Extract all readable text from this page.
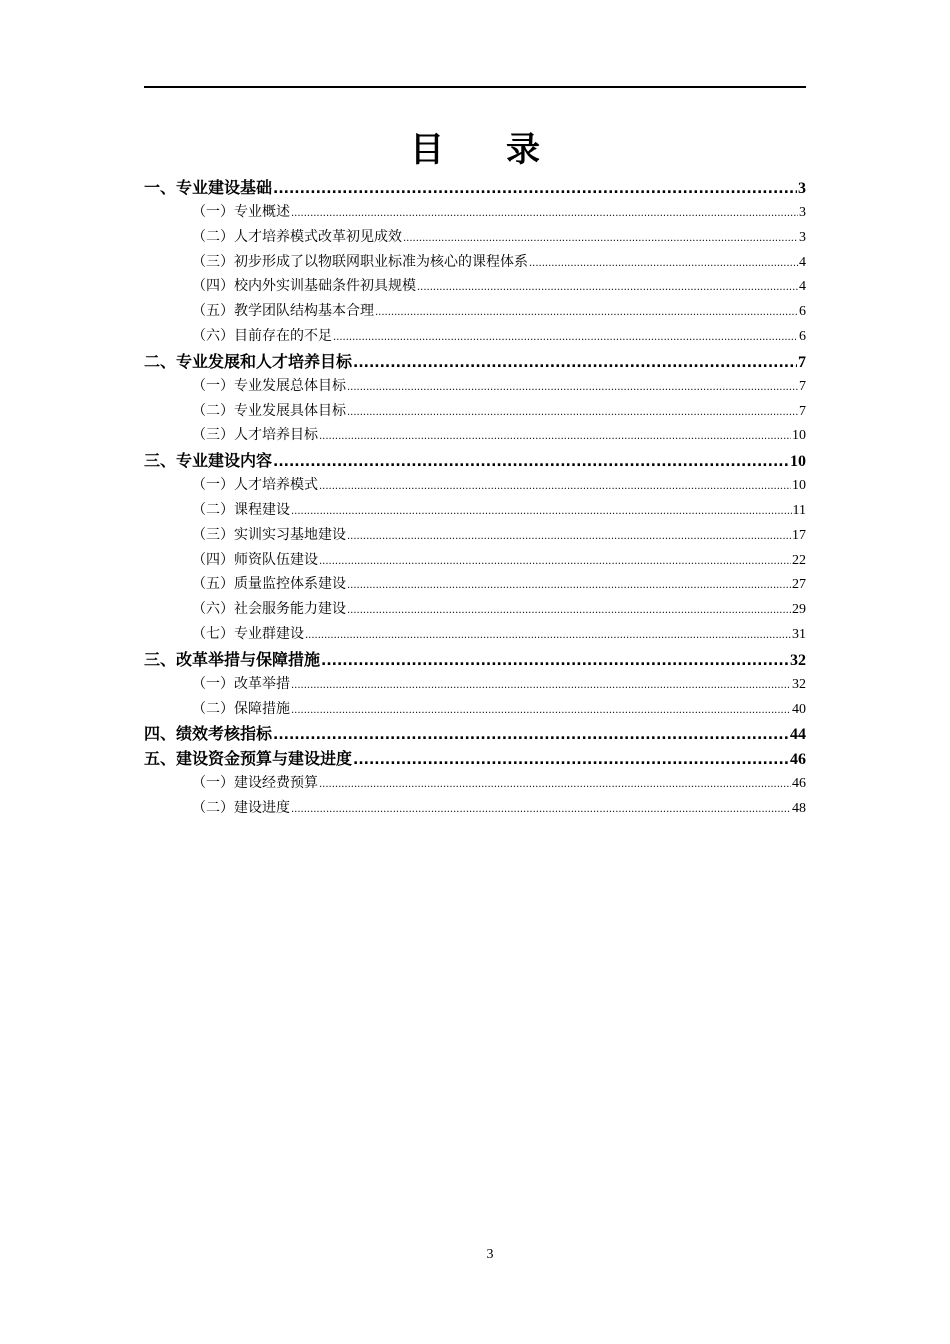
目录
一、专业建设基础 .....	3
（一）专业概述 .....	3
（二）人才培养模式改革初见成效 .....	3
（三）初步形成了以物联网职业标准为核心的课程体系 .....	4
（四）校内外实训基础条件初具规模 .....	4
（五）教学团队结构基本合理 .....	6
（六）目前存在的不足 .....	6
二、专业发展和人才培养目标 .....	7
（一）专业发展总体目标 .....	7
（二）专业发展具体目标 .....	7
（三）人才培养目标 .....	10
三、专业建设内容 .....	10
（一）人才培养模式 .....	10
（二）课程建设 .....	11
（三）实训实习基地建设 .....	17
（四）师资队伍建设 .....	22
（五）质量监控体系建设 .....	27
（六）社会服务能力建设 .....	29
（七）专业群建设 .....	31
三、改革举措与保障措施 .....	32
（一）改革举措 .....	32
（二）保障措施 .....	40
四、绩效考核指标 .....	44
五、建设资金预算与建设进度 .....	46
（一）建设经费预算 .....	46
（二）建设进度 .....	48
3
